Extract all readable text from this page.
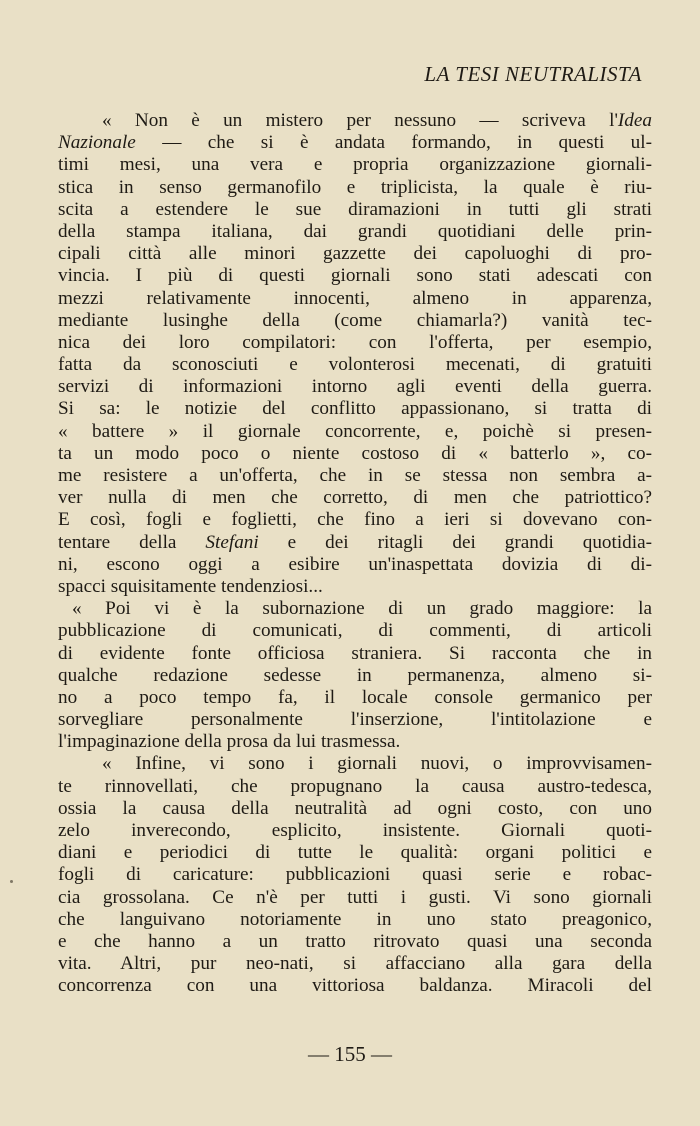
LA TESI NEUTRALISTA
« Non è un mistero per nessuno — scriveva l'Idea
Nazionale — che si è andata formando, in questi ul-
timi mesi, una vera e propria organizzazione giornali-
stica in senso germanofilo e triplicista, la quale è riu-
scita a estendere le sue diramazioni in tutti gli strati
della stampa italiana, dai grandi quotidiani delle prin-
cipali città alle minori gazzette dei capoluoghi di pro-
vincia. I più di questi giornali sono stati adescati con
mezzi relativamente innocenti, almeno in apparenza,
mediante lusinghe della (come chiamarla?) vanità tec-
nica dei loro compilatori: con l'offerta, per esempio,
fatta da sconosciuti e volonterosi mecenati, di gratuiti
servizi di informazioni intorno agli eventi della guerra.
Si sa: le notizie del conflitto appassionano, si tratta di
« battere » il giornale concorrente, e, poichè si presen-
ta un modo poco o niente costoso di « batterlo », co-
me resistere a un'offerta, che in se stessa non sembra a-
ver nulla di men che corretto, di men che patriottico?
E così, fogli e foglietti, che fino a ieri si dovevano con-
tentare della Stefani e dei ritagli dei grandi quotidia-
ni, escono oggi a esibire un'inaspettata dovizia di di-
spacci squisitamente tendenziosi...
« Poi vi è la subornazione di un grado maggiore: la
pubblicazione di comunicati, di commenti, di articoli
di evidente fonte officiosa straniera. Si racconta che in
qualche redazione sedesse in permanenza, almeno si-
no a poco tempo fa, il locale console germanico per
sorvegliare personalmente l'inserzione, l'intitolazione e
l'impaginazione della prosa da lui trasmessa.
« Infine, vi sono i giornali nuovi, o improvvisamen-
te rinnovellati, che propugnano la causa austro-tedesca,
ossia la causa della neutralità ad ogni costo, con uno
zelo inverecondo, esplicito, insistente. Giornali quoti-
diani e periodici di tutte le qualità: organi politici e
fogli di caricature: pubblicazioni quasi serie e robac-
cia grossolana. Ce n'è per tutti i gusti. Vi sono giornali
che languivano notoriamente in uno stato preagonico,
e che hanno a un tratto ritrovato quasi una seconda
vita. Altri, pur neo-nati, si affacciano alla gara della
concorrenza con una vittoriosa baldanza. Miracoli del
— 155 —
